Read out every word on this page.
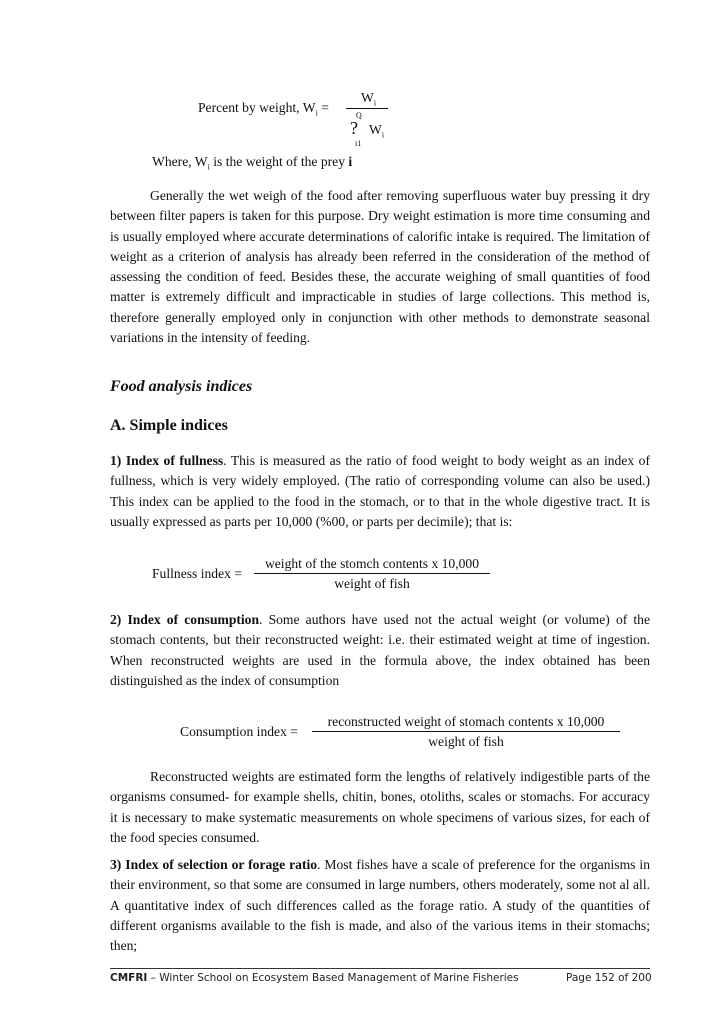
Percent by weight, $W_i$ =
$W_i$
Q
? $W_i$
i1
Where, $W_i$ is the weight of the prey i

Generally the wet weigh of the food after removing superfluous water buy pressing it dry between filter papers is taken for this purpose. Dry weight estimation is more time consuming and is usually employed where accurate determinations of calorific intake is required. The limitation of weight as a criterion of analysis has already been referred in the consideration of the method of assessing the condition of feed. Besides these, the accurate weighing of small quantities of food matter is extremely difficult and impracticable in studies of large collections. This method is, therefore generally employed only in conjunction with other methods to demonstrate seasonal variations in the intensity of feeding.

Food analysis indices

A. Simple indices

1) Index of fullness. This is measured as the ratio of food weight to body weight as an index of fullness, which is very widely employed. (The ratio of corresponding volume can also be used.) This index can be applied to the food in the stomach, or to that in the whole digestive tract. It is usually expressed as parts per 10,000 (%00, or parts per decimile); that is:

Fullness index =
weight of the stomch contents x 10,000
weight of fish

2) Index of consumption. Some authors have used not the actual weight (or volume) of the stomach contents, but their reconstructed weight: i.e. their estimated weight at time of ingestion. When reconstructed weights are used in the formula above, the index obtained has been distinguished as the index of consumption

Consumption index =
reconstructed weight of stomach contents x 10,000
weight of fish

Reconstructed weights are estimated form the lengths of relatively indigestible parts of the organisms consumed- for example shells, chitin, bones, otoliths, scales or stomachs. For accuracy it is necessary to make systematic measurements on whole specimens of various sizes, for each of the food species consumed.

3) Index of selection or forage ratio. Most fishes have a scale of preference for the organisms in their environment, so that some are consumed in large numbers, others moderately, some not al all. A quantitative index of such differences called as the forage ratio. A study of the quantities of different organisms available to the fish is made, and also of the various items in their stomachs; then;

CMFRI – Winter School on Ecosystem Based Management of Marine Fisheries	Page 152 of 200
